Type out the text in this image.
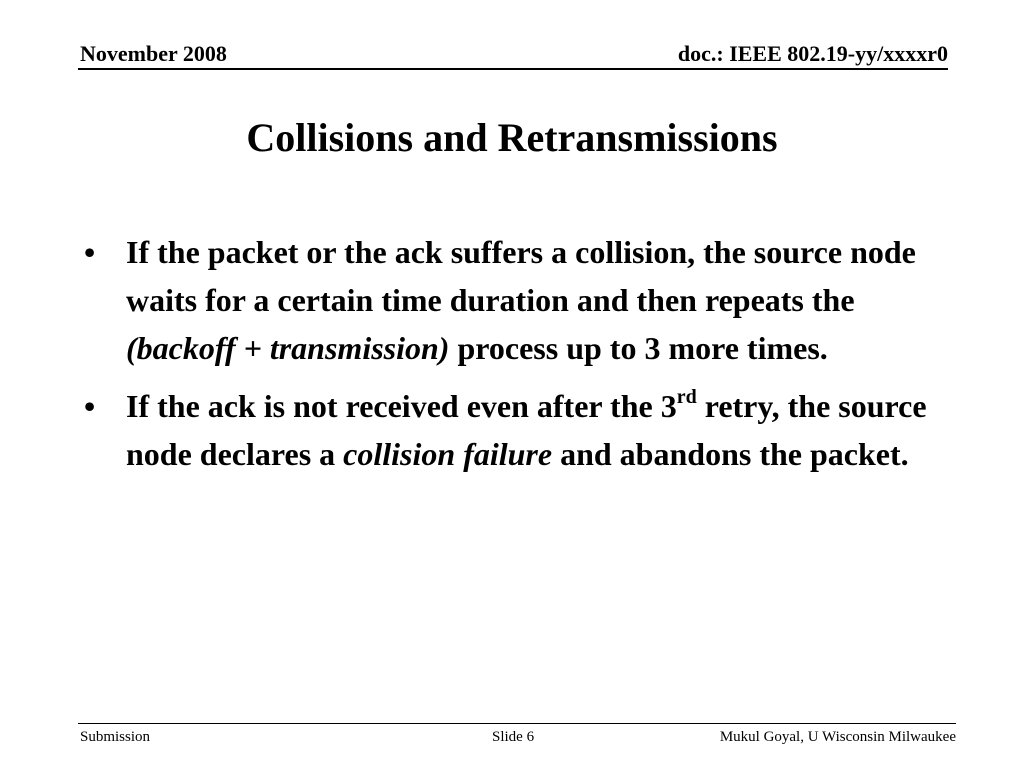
November 2008	doc.: IEEE 802.19-yy/xxxxr0
Collisions and Retransmissions
• If the packet or the ack suffers a collision, the source node waits for a certain time duration and then repeats the (backoff + transmission) process up to 3 more times.
• If the ack is not received even after the 3rd retry, the source node declares a collision failure and abandons the packet.
Submission	Slide 6	Mukul Goyal, U Wisconsin Milwaukee
